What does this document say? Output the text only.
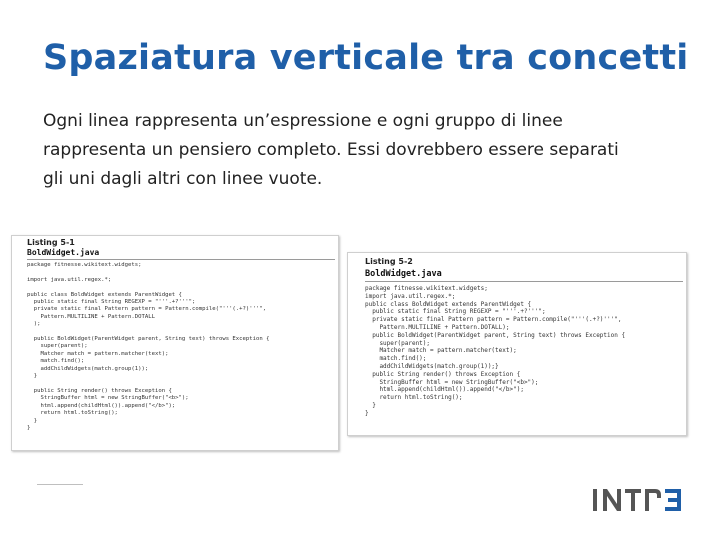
Spaziatura verticale tra concetti
Ogni linea rappresenta un’espressione e ogni gruppo di linee rappresenta un pensiero completo. Essi dovrebbero essere separati gli uni dagli altri con linee vuote.
Listing 5-1
BoldWidget.java
package fitnesse.wikitext.widgets;

import java.util.regex.*;

public class BoldWidget extends ParentWidget {
public static final String REGEXP = "'''.+?'''";
private static final Pattern pattern = Pattern.compile("'''(.+?)'''",
Pattern.MULTILINE + Pattern.DOTALL
);

public BoldWidget(ParentWidget parent, String text) throws Exception {
super(parent);
Matcher match = pattern.matcher(text);
match.find();
addChildWidgets(match.group(1));
}

public String render() throws Exception {
StringBuffer html = new StringBuffer("<b>");
html.append(childHtml()).append("</b>");
return html.toString();
}
}
Listing 5-2
BoldWidget.java
package fitnesse.wikitext.widgets;
import java.util.regex.*;
public class BoldWidget extends ParentWidget {
public static final String REGEXP = "'''.+?'''";
private static final Pattern pattern = Pattern.compile("'''(.+?)'''",
Pattern.MULTILINE + Pattern.DOTALL);
public BoldWidget(ParentWidget parent, String text) throws Exception {
super(parent);
Matcher match = pattern.matcher(text);
match.find();
addChildWidgets(match.group(1));}
public String render() throws Exception {
StringBuffer html = new StringBuffer("<b>");
html.append(childHtml()).append("</b>");
return html.toString();
}
}
